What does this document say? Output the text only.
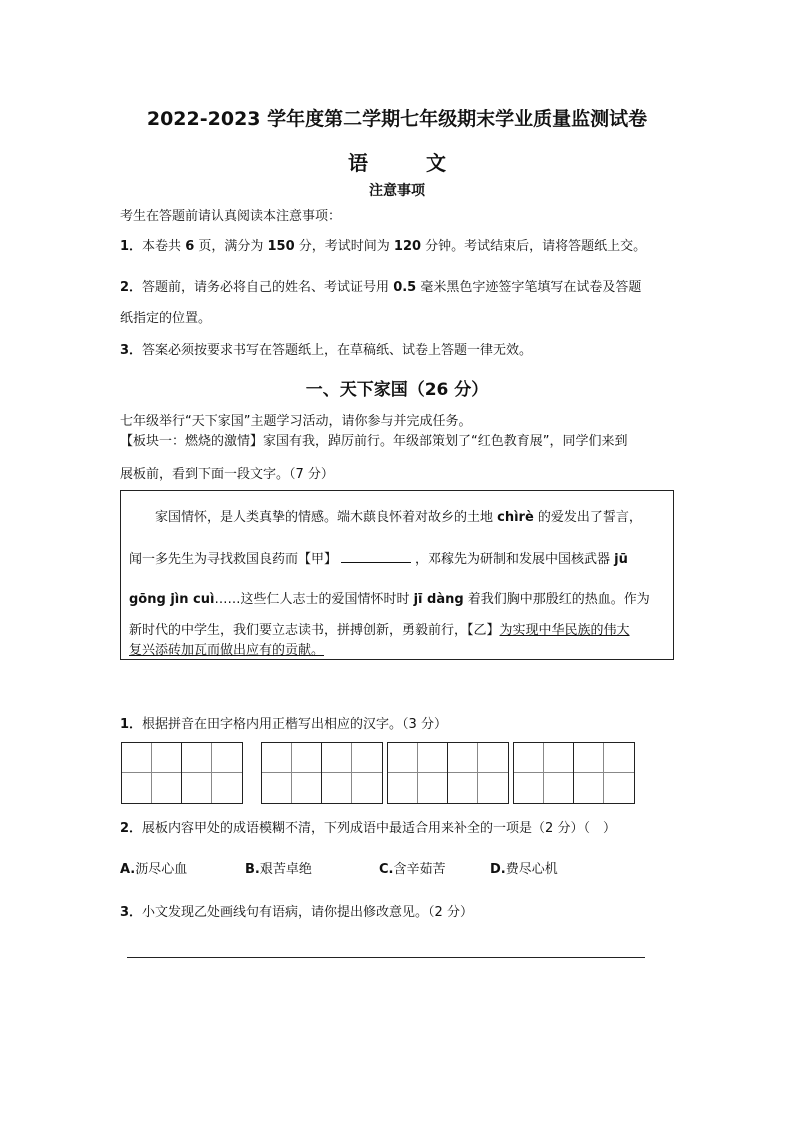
2022-2023 学年度第二学期七年级期末学业质量监测试卷
语文
注意事项
考生在答题前请认真阅读本注意事项：
1．本卷共 6 页，满分为 150 分，考试时间为 120 分钟。考试结束后，请将答题纸上交。
2．答题前，请务必将自己的姓名、考试证号用 0.5 毫米黑色字迹签字笔填写在试卷及答题
纸指定的位置。
3．答案必须按要求书写在答题纸上，在草稿纸、试卷上答题一律无效。
一、天下家国（26 分）
七年级举行“天下家国”主题学习活动，请你参与并完成任务。
【板块一：燃烧的激情】家国有我，踔厉前行。年级部策划了“红色教育展”，同学们来到
展板前，看到下面一段文字。（7 分）
家国情怀，是人类真挚的情感。端木蕻良怀着对故乡的土地 chìrè 的爱发出了誓言，
闻一多先生为寻找救国良药而【甲】	，邓稼先为研制和发展中国核武器 jū
gōng jìn cuì……这些仁人志士的爱国情怀时时 jī dàng 着我们胸中那殷红的热血。作为
新时代的中学生，我们要立志读书，拼搏创新，勇毅前行，【乙】为实现中华民族的伟大
复兴添砖加瓦而做出应有的贡献。
1．根据拼音在田字格内用正楷写出相应的汉字。（3 分）
2．展板内容甲处的成语模糊不清，下列成语中最适合用来补全的一项是（2 分）（　）
A.沥尽心血	B.艰苦卓绝	C.含辛茹苦	D.费尽心机
3．小文发现乙处画线句有语病，请你提出修改意见。（2 分）
